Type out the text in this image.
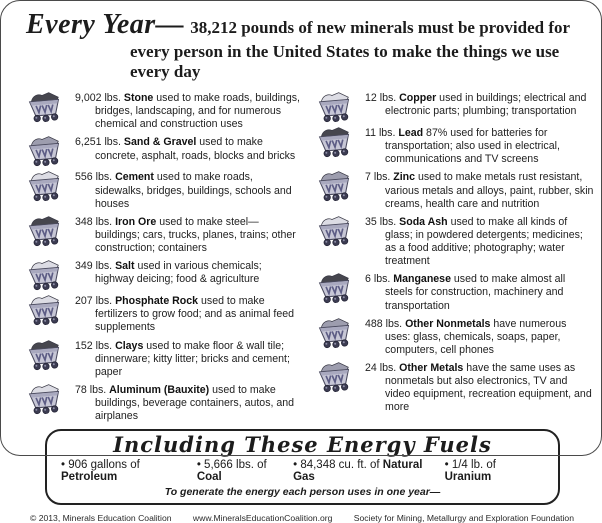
Every Year— 38,212 pounds of new minerals must be provided for
every person in the United States to make the things we use every day

9,002 lbs. Stone used to make roads, buildings, bridges, landscaping, and for numerous chemical and construction uses

6,251 lbs. Sand & Gravel used to make concrete, asphalt, roads, blocks and bricks

556 lbs. Cement used to make roads, sidewalks, bridges, buildings, schools and houses

348 lbs. Iron Ore used to make steel— buildings; cars, trucks, planes, trains; other construction; containers

349 lbs. Salt used in various chemicals; highway deicing; food & agriculture

207 lbs. Phosphate Rock used to make fertilizers to grow food; and as animal feed supplements

152 lbs. Clays used to make floor & wall tile; dinnerware; kitty litter; bricks and cement; paper

78 lbs. Aluminum (Bauxite) used to make buildings, beverage containers, autos, and airplanes

12 lbs. Copper used in buildings; electrical and electronic parts; plumbing; transportation

11 lbs. Lead 87% used for batteries for transportation; also used in electrical, communications and TV screens

7 lbs. Zinc used to make metals rust resistant, various metals and alloys, paint, rubber, skin creams, health care and nutrition

35 lbs. Soda Ash used to make all kinds of glass; in powdered detergents; medicines; as a food additive; photography; water treatment

6 lbs. Manganese used to make almost all steels for construction, machinery and transportation

488 lbs. Other Nonmetals have numerous uses: glass, chemicals, soaps, paper, computers, cell phones

24 lbs. Other Metals have the same uses as nonmetals but also electronics, TV and video equipment, recreation equipment, and more

Including These Energy Fuels
• 906 gallons of Petroleum
• 5,666 lbs. of Coal
• 84,348 cu. ft. of Natural Gas
• 1/4 lb. of Uranium
To generate the energy each person uses in one year—
© 2013, Minerals Education Coalition www.MineralsEducationCoalition.org Society for Mining, Metallurgy and Exploration Foundation
